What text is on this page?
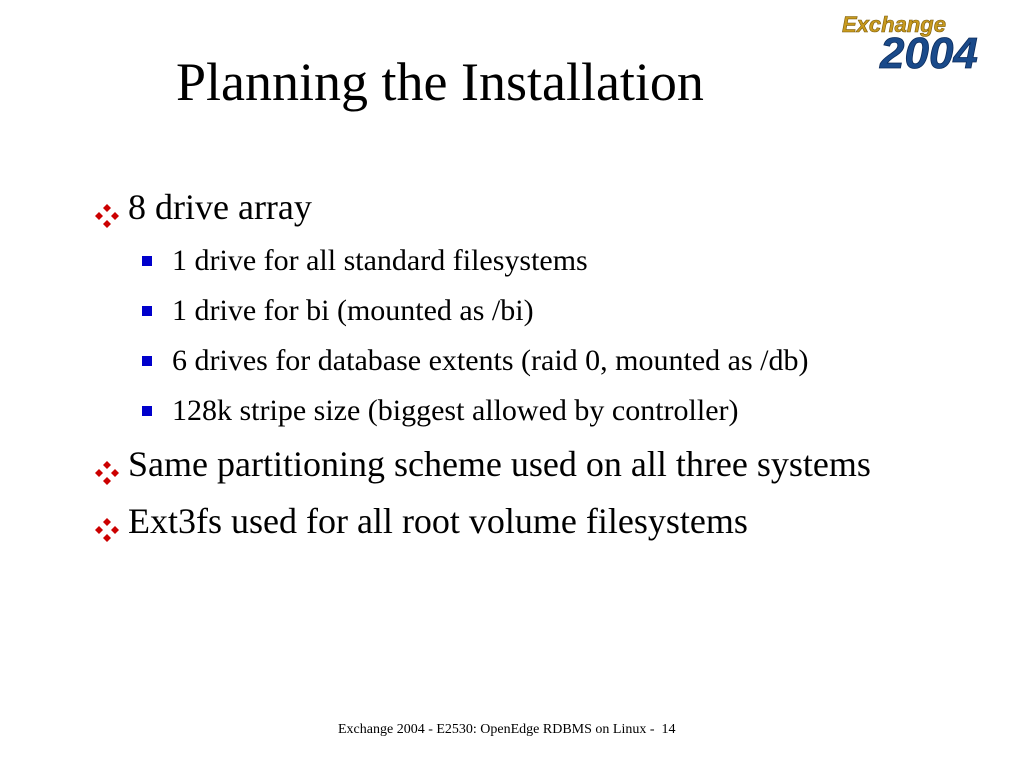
Planning the Installation
Exchange
2004
8 drive array
1 drive for all standard filesystems
1 drive for bi (mounted as /bi)
6 drives for database extents (raid 0, mounted as /db)
128k stripe size (biggest allowed by controller)
Same partitioning scheme used on all three systems
Ext3fs used for all root volume filesystems
Exchange 2004 - E2530: OpenEdge RDBMS on Linux - 14
